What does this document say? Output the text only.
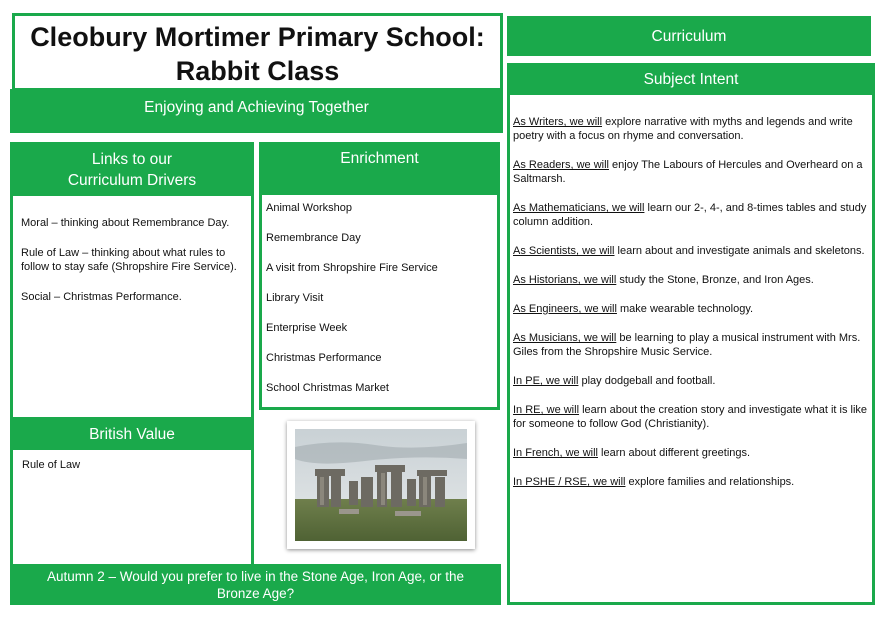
Cleobury Mortimer Primary School:
Rabbit Class
Enjoying and Achieving Together
Links to our
Curriculum Drivers

Moral – thinking about Remembrance Day.

Rule of Law – thinking about what rules to follow to stay safe (Shropshire Fire Service).

Social – Christmas Performance.

Enrichment

Animal Workshop

Remembrance Day

A visit from Shropshire Fire Service

Library Visit

Enterprise Week

Christmas Performance

School Christmas Market

British Value
Rule of Law
Autumn 2 – Would you prefer to live in the Stone Age, Iron Age, or the Bronze Age?
Curriculum
Subject Intent

As Writers, we will explore narrative with myths and legends and write poetry with a focus on rhyme and conversation.

As Readers, we will enjoy The Labours of Hercules and Overheard on a Saltmarsh.

As Mathematicians, we will learn our 2-, 4-, and 8-times tables and study column addition.

As Scientists, we will learn about and investigate animals and skeletons.

As Historians, we will study the Stone, Bronze, and Iron Ages.

As Engineers, we will make wearable technology.

As Musicians, we will be learning to play a musical instrument with Mrs. Giles from the Shropshire Music Service.

In PE, we will play dodgeball and football.

In RE, we will learn about the creation story and investigate what it is like for someone to follow God (Christianity).

In French, we will learn about different greetings.

In PSHE / RSE, we will explore families and relationships.
